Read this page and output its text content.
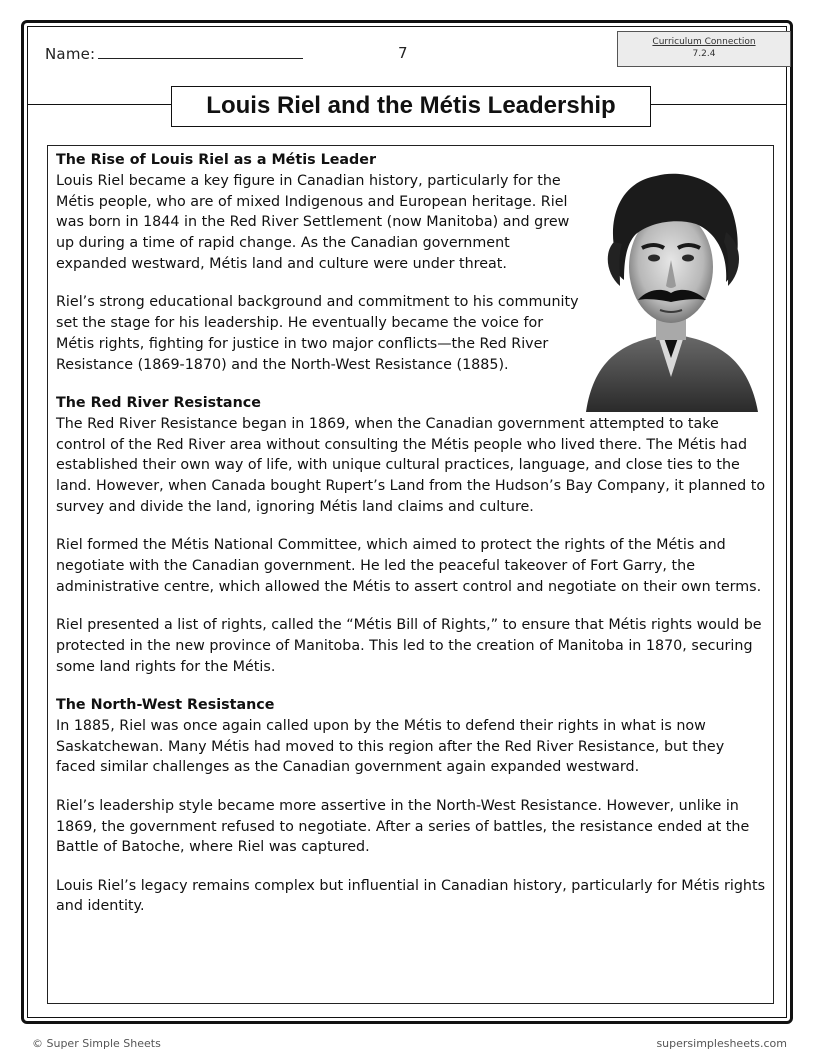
Name:	7
Curriculum Connection
7.2.4
Louis Riel and the Métis Leadership
The Rise of Louis Riel as a Métis Leader

Louis Riel became a key figure in Canadian history, particularly for the Métis people, who are of mixed Indigenous and European heritage. Riel was born in 1844 in the Red River Settlement (now Manitoba) and grew up during a time of rapid change. As the Canadian government expanded westward, Métis land and culture were under threat.

Riel’s strong educational background and commitment to his community set the stage for his leadership. He eventually became the voice for Métis rights, fighting for justice in two major conflicts—the Red River Resistance (1869-1870) and the North-West Resistance (1885).

The Red River Resistance

The Red River Resistance began in 1869, when the Canadian government attempted to take control of the Red River area without consulting the Métis people who lived there. The Métis had established their own way of life, with unique cultural practices, language, and close ties to the land. However, when Canada bought Rupert’s Land from the Hudson’s Bay Company, it planned to survey and divide the land, ignoring Métis land claims and culture.

Riel formed the Métis National Committee, which aimed to protect the rights of the Métis and negotiate with the Canadian government. He led the peaceful takeover of Fort Garry, the administrative centre, which allowed the Métis to assert control and negotiate on their own terms.

Riel presented a list of rights, called the “Métis Bill of Rights,” to ensure that Métis rights would be protected in the new province of Manitoba. This led to the creation of Manitoba in 1870, securing some land rights for the Métis.

The North-West Resistance

In 1885, Riel was once again called upon by the Métis to defend their rights in what is now Saskatchewan. Many Métis had moved to this region after the Red River Resistance, but they faced similar challenges as the Canadian government again expanded westward.

Riel’s leadership style became more assertive in the North-West Resistance. However, unlike in 1869, the government refused to negotiate. After a series of battles, the resistance ended at the Battle of Batoche, where Riel was captured.

Louis Riel’s legacy remains complex but influential in Canadian history, particularly for Métis rights and identity.

© Super Simple Sheets	supersimplesheets.com
